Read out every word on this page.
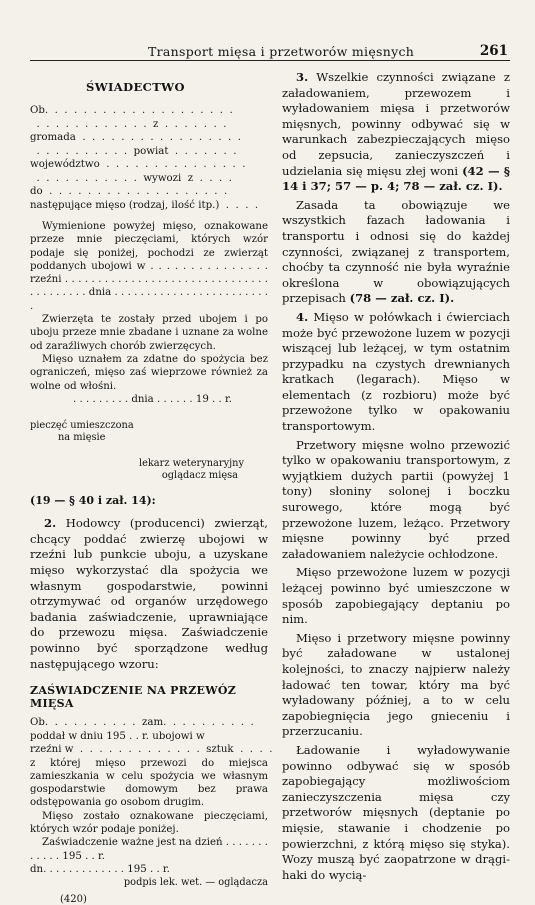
Transport mięsa i przetworów mięsnych	261
ŚWIADECTWO
Ob.  .  .  .  .  .  .  .  .  .  .  .  .  .  .  .  .  .  .  .
.  .  .  .  .  .  .  .  .  .  .  .  z  .  .  .  .  .  .  .
gromada  .  .  .  .  .  .  .  .  .  .  .  .  .  .  .  .  .
.  .  .  .  .  .  .  .  .  .  powiat  .  .  .  .  .  .  .
województwo  .  .  .  .  .  .  .  .  .  .  .  .  .  .  .
.  .  .  .  .  .  .  .  .  .  .  wywozi  z  .  .  .  .
do  .  .  .  .  .  .  .  .  .  .  .  .  .  .  .  .  .  .  .
następujące mięso (rodzaj, ilość itp.)  .  .  .  .

Wymienione powyżej mięso, oznakowane przeze mnie pieczęciami, których wzór podaje się poniżej, pochodzi ze zwierząt poddanych ubojowi w . . . . . . . . . . . . . . . rzeźni . . . . . . . . . . . . . . . . . . . . . . . . . . . . . . . . . . . . . . . . dnia . . . . . . . . . . . . . . . . . . . . . . . . .

Zwierzęta te zostały przed ubojem i po uboju przeze mnie zbadane i uznane za wolne od zaraźliwych chorób zwierzęcych.

Mięso uznałem za zdatne do spożycia bez ograniczeń, mięso zaś wieprzowe również za wolne od włośni.

. . . . . . . . . dnia . . . . . . 19 . . r.
pieczęć umieszczona
na mięsie
lekarz weterynaryjny
oglądacz mięsa
(19 — § 40 i zał. 14):

2. Hodowcy (producenci) zwierząt, chcący poddać zwierzę ubojowi w rzeźni lub punkcie uboju, a uzyskane mięso wykorzystać dla spożycia we własnym gospodarstwie, powinni otrzymywać od organów urzędowego badania zaświadczenie, uprawniające do przewozu mięsa. Zaświadczenie powinno być sporządzone według następującego wzoru:

ZAŚWIADCZENIE NA PRZEWÓZ MIĘSA
Ob.  .  .  .  .  .  .  .  .  .  zam.  .  .  .  .  .  .  .  .  .
poddał w dniu 195 . . r. ubojowi w
rzeźni w  .  .  .  .  .  .  .  .  .  .  .  .  .  sztuk  .  .  .  .

z której mięso przewozi do miejsca zamieszkania w celu spożycia we własnym gospodarstwie domowym bez prawa odstępowania go osobom drugim.

Mięso zostało oznakowane pieczęciami, których wzór podaje poniżej.

Zaświadczenie ważne jest na dzień . . . . . . . . . . . . 195 . . r.

dn. . . . . . . . . . . . . 195 . . r.
podpis lek. wet. — oglądacza
(420)

3. Wszelkie czynności związane z załadowaniem, przewozem i wyładowaniem mięsa i przetworów mięsnych, powinny odbywać się w warunkach zabezpieczających mięso od zepsucia, zanieczyszczeń i udzielania się mięsu złej woni (42 — § 14 i 37; 57 — p. 4; 78 — zał. cz. I).

Zasada ta obowiązuje we wszystkich fazach ładowania i transportu i odnosi się do każdej czynności, związanej z transportem, choćby ta czynność nie była wyraźnie określona w obowiązujących przepisach (78 — zał. cz. I).

4. Mięso w połówkach i ćwierciach może być przewożone luzem w pozycji wiszącej lub leżącej, w tym ostatnim przypadku na czystych drewnianych kratkach (legarach). Mięso w elementach (z rozbioru) może być przewożone tylko w opakowaniu transportowym.

Przetwory mięsne wolno przewozić tylko w opakowaniu transportowym, z wyjątkiem dużych partii (powyżej 1 tony) słoniny solonej i boczku surowego, które mogą być przewożone luzem, leżąco. Przetwory mięsne powinny być przed załadowaniem należycie ochłodzone.

Mięso przewożone luzem w pozycji leżącej powinno być umieszczone w sposób zapobiegający deptaniu po nim.

Mięso i przetwory mięsne powinny być załadowane w ustalonej kolejności, to znaczy najpierw należy ładować ten towar, który ma być wyładowany później, a to w celu zapobiegnięcia jego gnieceniu i przerzucaniu.

Ładowanie i wyładowywanie powinno odbywać się w sposób zapobiegający możliwościom zanieczyszczenia mięsa czy przetworów mięsnych (deptanie po mięsie, stawanie i chodzenie po powierzchni, z którą mięso się styka). Wozy muszą być zaopatrzone w drągi-haki do wycią-
